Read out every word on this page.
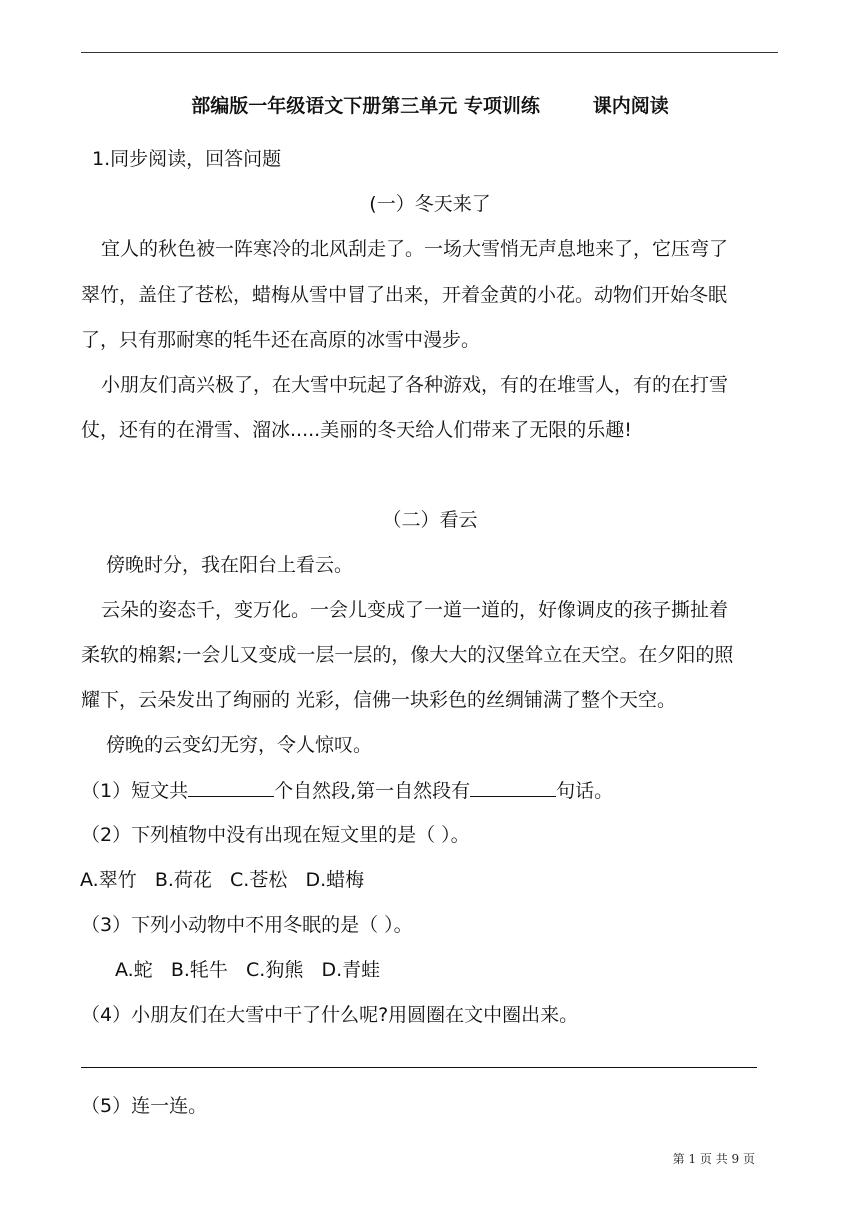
部编版一年级语文下册第三单元 专项训练        课内阅读
1.同步阅读，回答问题
(一）冬天来了
宜人的秋色被一阵寒冷的北风刮走了。一场大雪悄无声息地来了，它压弯了
翠竹，盖住了苍松，蜡梅从雪中冒了出来，开着金黄的小花。动物们开始冬眠
了，只有那耐寒的牦牛还在高原的冰雪中漫步。
小朋友们高兴极了，在大雪中玩起了各种游戏，有的在堆雪人，有的在打雪
仗，还有的在滑雪、溜冰.....美丽的冬天给人们带来了无限的乐趣!
（二）看云
傍晚时分，我在阳台上看云。
云朵的姿态千，变万化。一会儿变成了一道一道的，好像调皮的孩子撕扯着
柔软的棉絮;一会儿又变成一层一层的，像大大的汉堡耸立在天空。在夕阳的照
耀下，云朵发出了绚丽的 光彩，信佛一块彩色的丝绸铺满了整个天空。
傍晚的云变幻无穷，令人惊叹。
（1）短文共	个自然段,第一自然段有	句话。
（2）下列植物中没有出现在短文里的是（ ）。
A.翠竹   B.荷花   C.苍松   D.蜡梅
（3）下列小动物中不用冬眠的是（ ）。
A.蛇   B.牦牛   C.狗熊   D.青蛙
（4）小朋友们在大雪中干了什么呢?用圆圈在文中圈出来。
（5）连一连。
第 1 页 共 9 页
